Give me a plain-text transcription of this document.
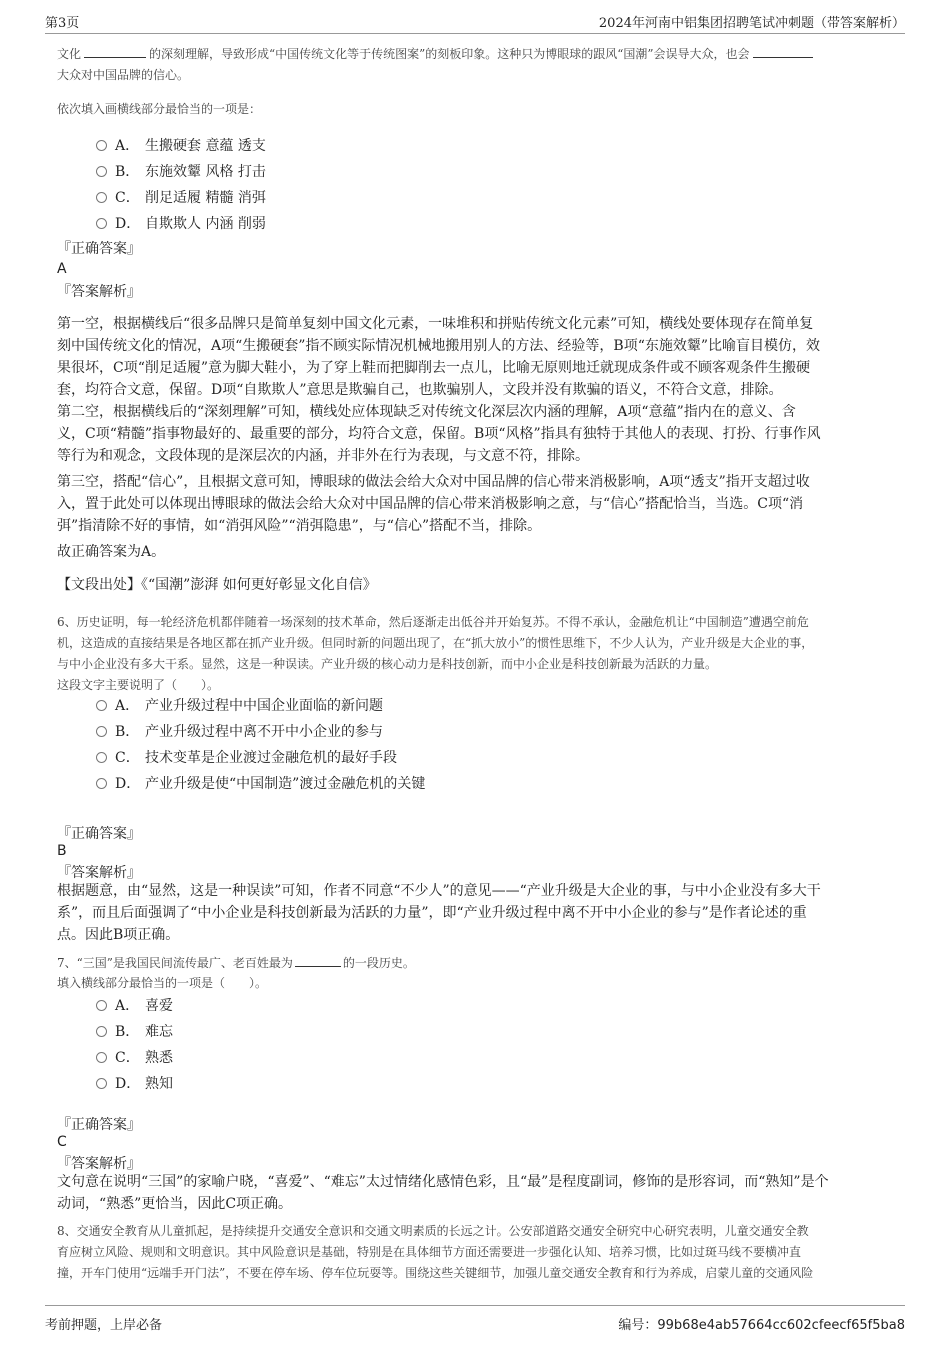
第3页	2024年河南中铝集团招聘笔试冲刺题（带答案解析）
文化	的深刻理解，导致形成“中国传统文化等于传统图案”的刻板印象。这种只为博眼球的跟风“国潮”会误导大众，也会
大众对中国品牌的信心。
依次填入画横线部分最恰当的一项是：
A． 生搬硬套 意蕴 透支
B． 东施效颦 风格 打击
C． 削足适履 精髓 消弭
D． 自欺欺人 内涵 削弱
『正确答案』
A
『答案解析』
第一空，根据横线后“很多品牌只是简单复刻中国文化元素，一味堆积和拼贴传统文化元素”可知，横线处要体现存在简单复
刻中国传统文化的情况，A项“生搬硬套”指不顾实际情况机械地搬用别人的方法、经验等，B项“东施效颦”比喻盲目模仿，效
果很坏，C项“削足适履”意为脚大鞋小，为了穿上鞋而把脚削去一点儿，比喻无原则地迁就现成条件或不顾客观条件生搬硬
套，均符合文意，保留。D项“自欺欺人”意思是欺骗自己，也欺骗别人，文段并没有欺骗的语义，不符合文意，排除。
第二空，根据横线后的“深刻理解”可知，横线处应体现缺乏对传统文化深层次内涵的理解，A项“意蕴”指内在的意义、含
义，C项“精髓”指事物最好的、最重要的部分，均符合文意，保留。B项“风格”指具有独特于其他人的表现、打扮、行事作风
等行为和观念，文段体现的是深层次的内涵，并非外在行为表现，与文意不符，排除。
第三空，搭配“信心”，且根据文意可知，博眼球的做法会给大众对中国品牌的信心带来消极影响，A项“透支”指开支超过收
入，置于此处可以体现出博眼球的做法会给大众对中国品牌的信心带来消极影响之意，与“信心”搭配恰当，当选。C项“消
弭”指清除不好的事情，如“消弭风险”“消弭隐患”，与“信心”搭配不当，排除。
故正确答案为A。
【文段出处】《“国潮”澎湃 如何更好彰显文化自信》
6、历史证明，每一轮经济危机都伴随着一场深刻的技术革命，然后逐渐走出低谷并开始复苏。不得不承认，金融危机让“中国制造”遭遇空前危
机，这造成的直接结果是各地区都在抓产业升级。但同时新的问题出现了，在“抓大放小”的惯性思维下，不少人认为，产业升级是大企业的事，
与中小企业没有多大干系。显然，这是一种误读。产业升级的核心动力是科技创新，而中小企业是科技创新最为活跃的力量。
这段文字主要说明了（　　）。
A． 产业升级过程中中国企业面临的新问题
B． 产业升级过程中离不开中小企业的参与
C． 技术变革是企业渡过金融危机的最好手段
D． 产业升级是使“中国制造”渡过金融危机的关键
『正确答案』
B
『答案解析』
根据题意，由“显然，这是一种误读”可知，作者不同意“不少人”的意见——“产业升级是大企业的事，与中小企业没有多大干
系”，而且后面强调了“中小企业是科技创新最为活跃的力量”，即“产业升级过程中离不开中小企业的参与”是作者论述的重
点。因此B项正确。
7、“三国”是我国民间流传最广、老百姓最为	的一段历史。
填入横线部分最恰当的一项是（　　）。
A． 喜爱
B． 难忘
C． 熟悉
D． 熟知
『正确答案』
C
『答案解析』
文句意在说明“三国”的家喻户晓，“喜爱”、“难忘”太过情绪化感情色彩，且“最”是程度副词，修饰的是形容词，而“熟知”是个
动词，“熟悉”更恰当，因此C项正确。
8、交通安全教育从儿童抓起，是持续提升交通安全意识和交通文明素质的长远之计。公安部道路交通安全研究中心研究表明，儿童交通安全教
育应树立风险、规则和文明意识。其中风险意识是基础，特别是在具体细节方面还需要进一步强化认知、培养习惯，比如过斑马线不要横冲直
撞，开车门使用“远端手开门法”，不要在停车场、停车位玩耍等。围绕这些关键细节，加强儿童交通安全教育和行为养成，启蒙儿童的交通风险
考前押题，上岸必备	编号：99b68e4ab57664cc602cfeecf65f5ba8
